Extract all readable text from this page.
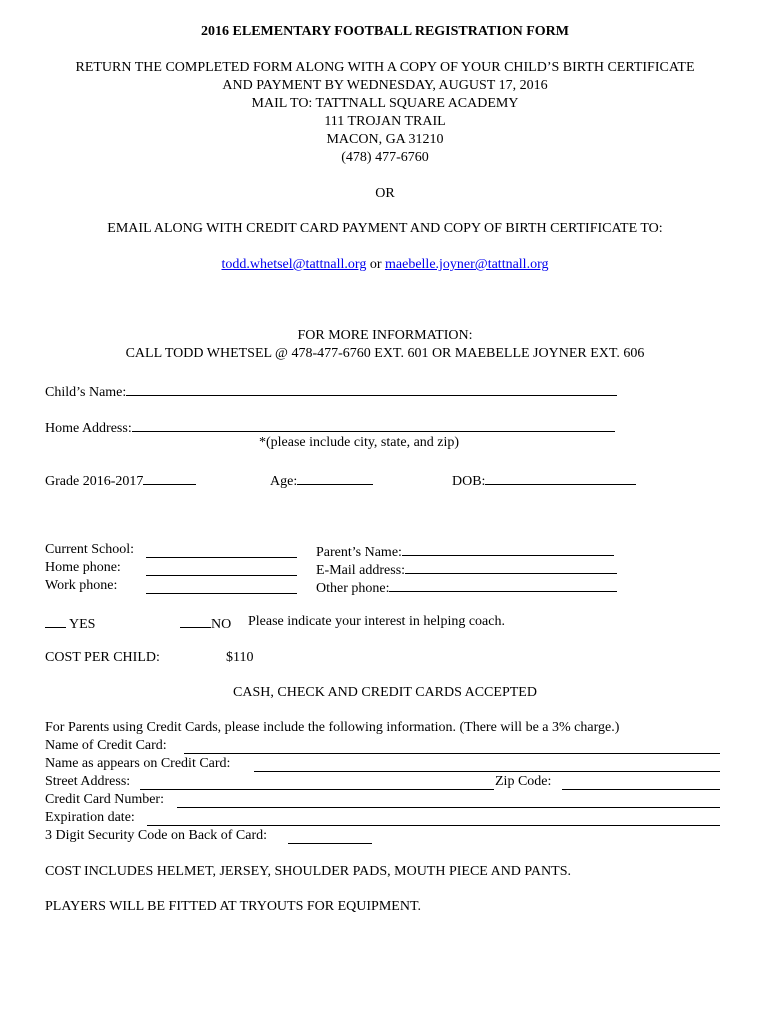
2016 ELEMENTARY FOOTBALL REGISTRATION FORM
RETURN THE COMPLETED FORM ALONG WITH A COPY OF YOUR CHILD’S BIRTH CERTIFICATE
AND PAYMENT BY WEDNESDAY, AUGUST 17, 2016
MAIL TO: TATTNALL SQUARE ACADEMY
111 TROJAN TRAIL
MACON, GA 31210
(478) 477-6760
OR
EMAIL ALONG WITH CREDIT CARD PAYMENT AND COPY OF BIRTH CERTIFICATE TO:
todd.whetsel@tattnall.org or maebelle.joyner@tattnall.org
FOR MORE INFORMATION:
CALL TODD WHETSEL @ 478-477-6760 EXT. 601 OR MAEBELLE JOYNER EXT. 606
Child’s Name:
Home Address:
*(please include city, state, and zip)
Grade 2016-2017	Age:	DOB:
Current School:
Home phone:
Work phone:
Parent’s Name:
E-Mail address:
Other phone:
YES	NO Please indicate your interest in helping coach.
COST PER CHILD:	$110
CASH, CHECK AND CREDIT CARDS ACCEPTED
For Parents using Credit Cards, please include the following information. (There will be a 3% charge.)
Name of Credit Card:
Name as appears on Credit Card:
Street Address:	Zip Code:
Credit Card Number:
Expiration date:
3 Digit Security Code on Back of Card:
COST INCLUDES HELMET, JERSEY, SHOULDER PADS, MOUTH PIECE AND PANTS.
PLAYERS WILL BE FITTED AT TRYOUTS FOR EQUIPMENT.
